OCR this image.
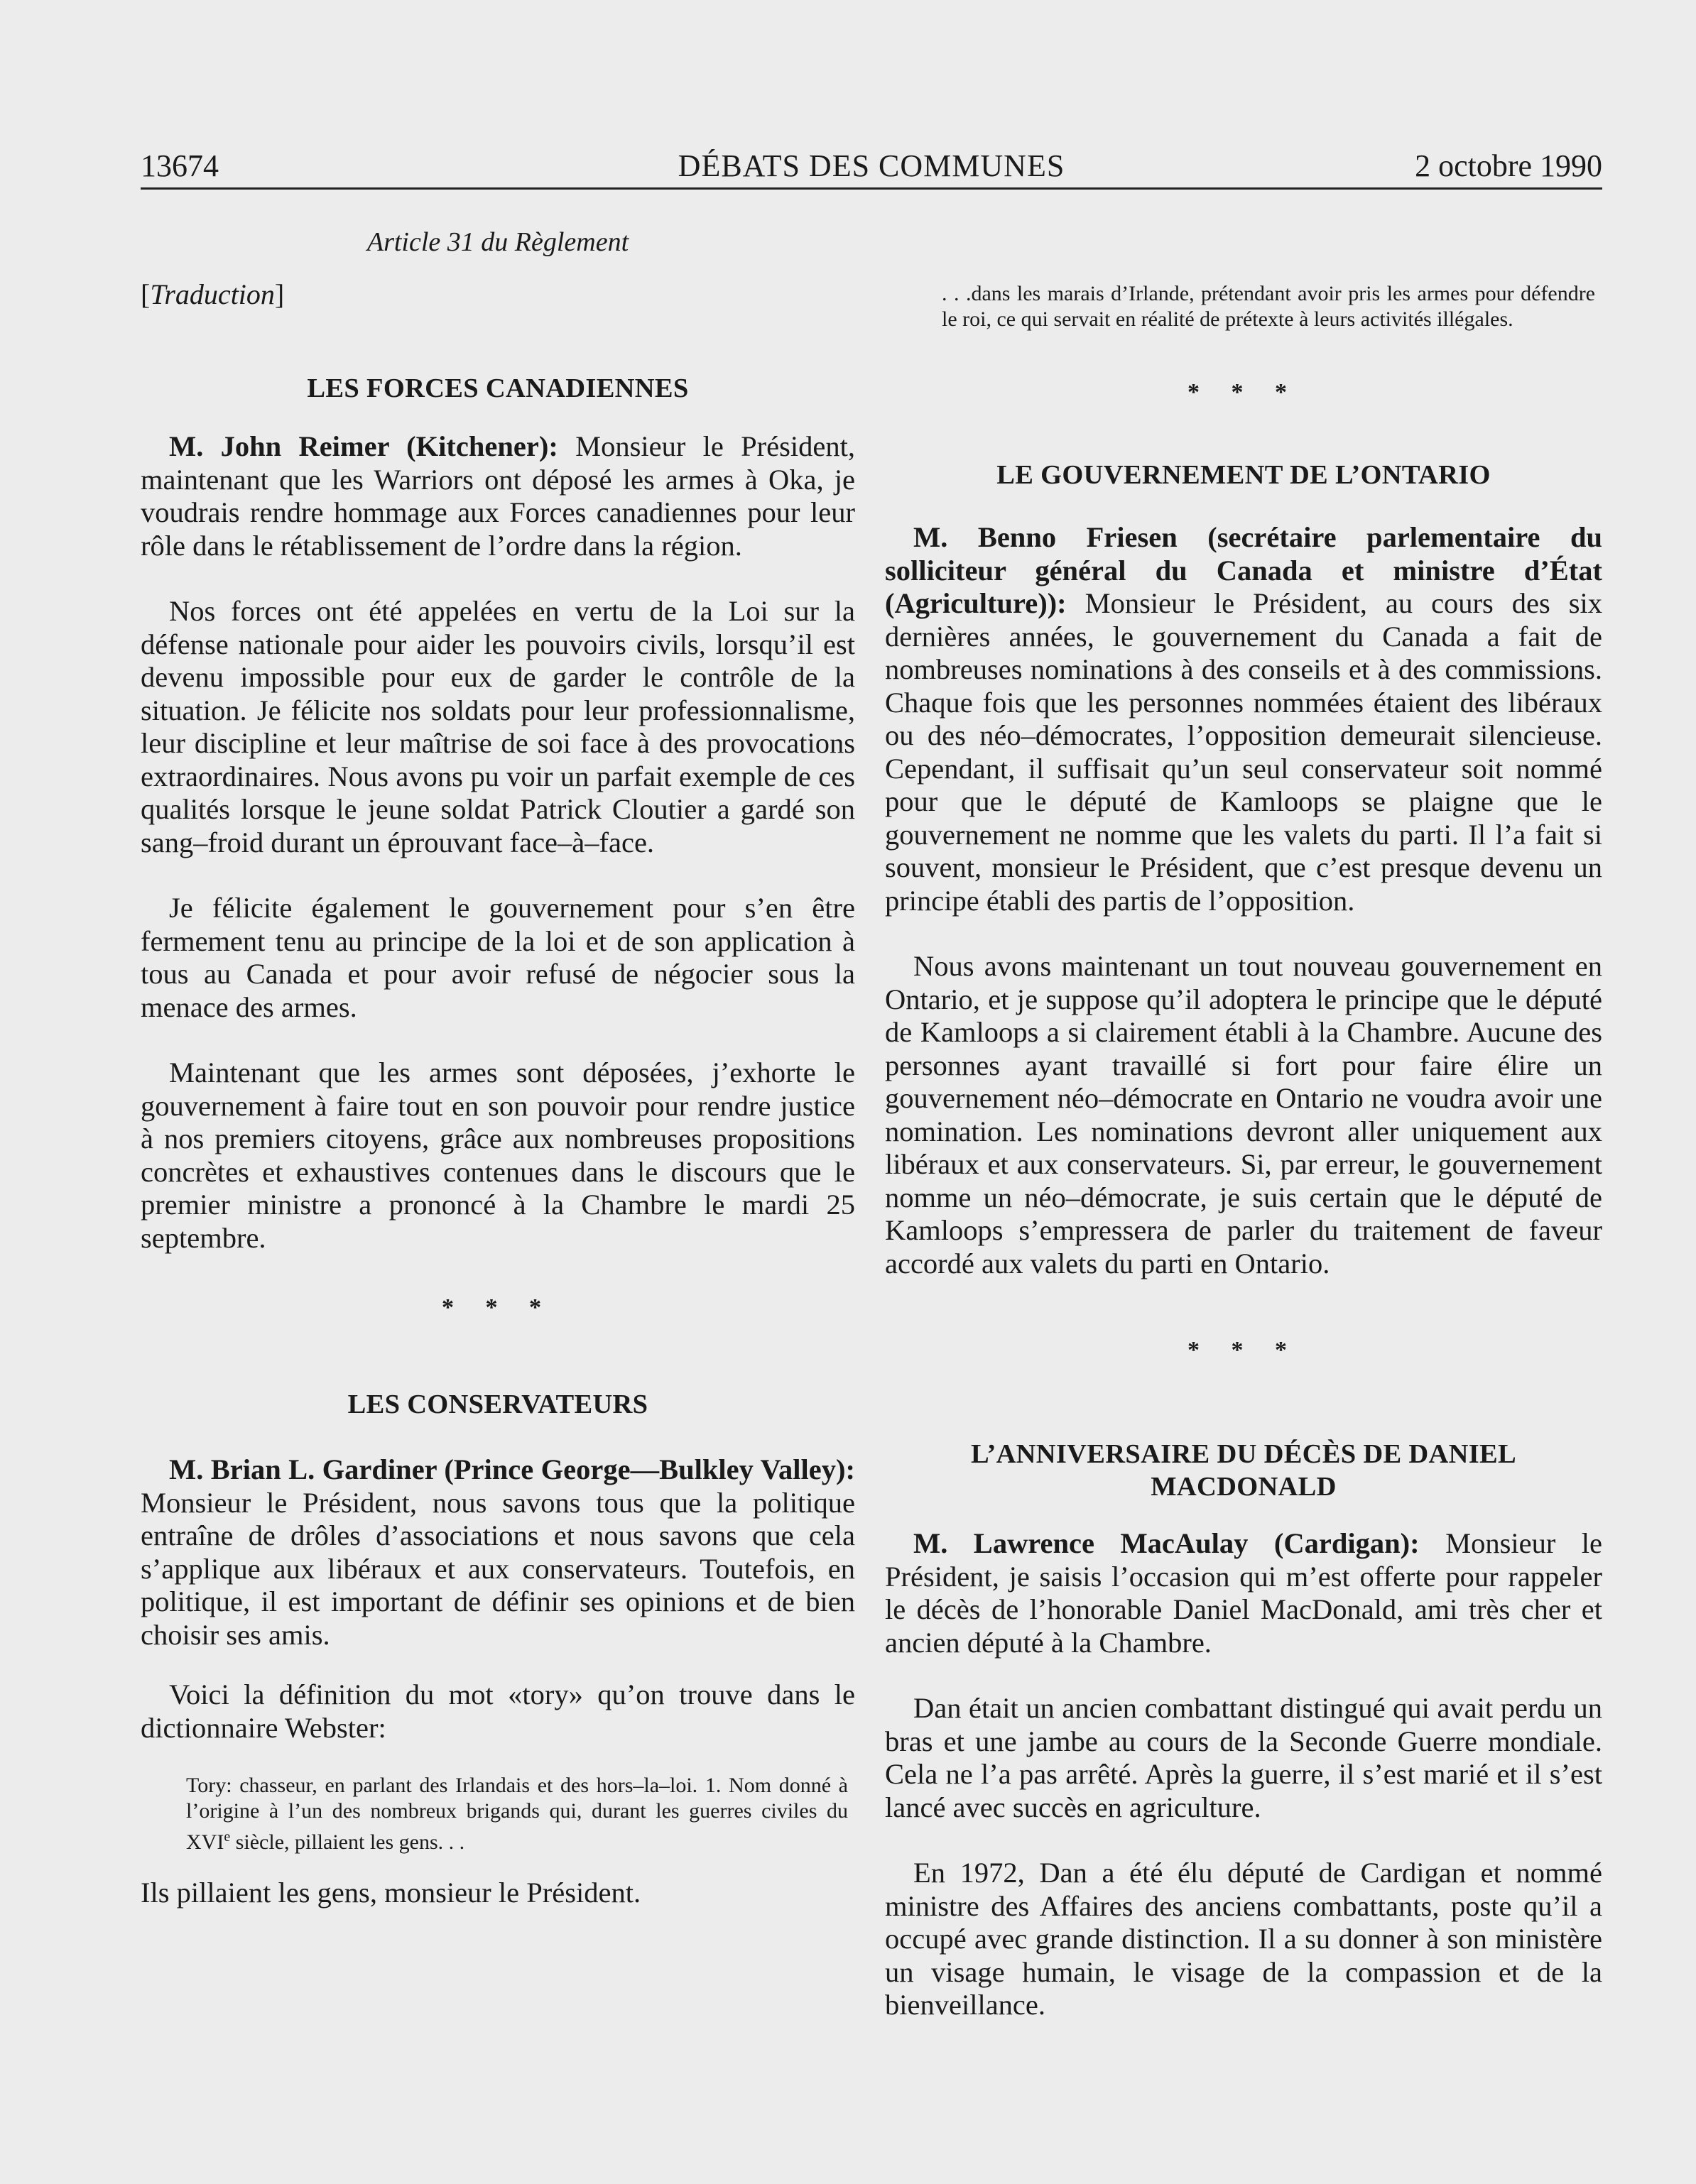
13674	DÉBATS DES COMMUNES	2 octobre 1990

Article 31 du Règlement

[Traduction]

LES FORCES CANADIENNES

M. John Reimer (Kitchener): Monsieur le Président, maintenant que les Warriors ont déposé les armes à Oka, je voudrais rendre hommage aux Forces canadiennes pour leur rôle dans le rétablissement de l’ordre dans la région.

Nos forces ont été appelées en vertu de la Loi sur la défense nationale pour aider les pouvoirs civils, lorsqu’il est devenu impossible pour eux de garder le contrôle de la situation. Je félicite nos soldats pour leur professionnalisme, leur discipline et leur maîtrise de soi face à des provocations extraordinaires. Nous avons pu voir un parfait exemple de ces qualités lorsque le jeune soldat Patrick Cloutier a gardé son sang–froid durant un éprouvant face–à–face.

Je félicite également le gouvernement pour s’en être fermement tenu au principe de la loi et de son application à tous au Canada et pour avoir refusé de négocier sous la menace des armes.

Maintenant que les armes sont déposées, j’exhorte le gouvernement à faire tout en son pouvoir pour rendre justice à nos premiers citoyens, grâce aux nombreuses propositions concrètes et exhaustives contenues dans le discours que le premier ministre a prononcé à la Chambre le mardi 25 septembre.

* * *

LES CONSERVATEURS

M. Brian L. Gardiner (Prince George—Bulkley Valley): Monsieur le Président, nous savons tous que la politique entraîne de drôles d’associations et nous savons que cela s’applique aux libéraux et aux conservateurs. Toutefois, en politique, il est important de définir ses opinions et de bien choisir ses amis.

Voici la définition du mot «tory» qu’on trouve dans le dictionnaire Webster:

Tory: chasseur, en parlant des Irlandais et des hors–la–loi. 1. Nom donné à l’origine à l’un des nombreux brigands qui, durant les guerres civiles du XVIe siècle, pillaient les gens. . .

Ils pillaient les gens, monsieur le Président.

. . .dans les marais d’Irlande, prétendant avoir pris les armes pour défendre le roi, ce qui servait en réalité de prétexte à leurs activités illégales.

* * *

LE GOUVERNEMENT DE L’ONTARIO

M. Benno Friesen (secrétaire parlementaire du solliciteur général du Canada et ministre d’État (Agriculture)): Monsieur le Président, au cours des six dernières années, le gouvernement du Canada a fait de nombreuses nominations à des conseils et à des commissions. Chaque fois que les personnes nommées étaient des libéraux ou des néo–démocrates, l’opposition demeurait silencieuse. Cependant, il suffisait qu’un seul conservateur soit nommé pour que le député de Kamloops se plaigne que le gouvernement ne nomme que les valets du parti. Il l’a fait si souvent, monsieur le Président, que c’est presque devenu un principe établi des partis de l’opposition.

Nous avons maintenant un tout nouveau gouvernement en Ontario, et je suppose qu’il adoptera le principe que le député de Kamloops a si clairement établi à la Chambre. Aucune des personnes ayant travaillé si fort pour faire élire un gouvernement néo–démocrate en Ontario ne voudra avoir une nomination. Les nominations devront aller uniquement aux libéraux et aux conservateurs. Si, par erreur, le gouvernement nomme un néo–démocrate, je suis certain que le député de Kamloops s’empressera de parler du traitement de faveur accordé aux valets du parti en Ontario.

* * *

L’ANNIVERSAIRE DU DÉCÈS DE DANIEL MACDONALD

M. Lawrence MacAulay (Cardigan): Monsieur le Président, je saisis l’occasion qui m’est offerte pour rappeler le décès de l’honorable Daniel MacDonald, ami très cher et ancien député à la Chambre.

Dan était un ancien combattant distingué qui avait perdu un bras et une jambe au cours de la Seconde Guerre mondiale. Cela ne l’a pas arrêté. Après la guerre, il s’est marié et il s’est lancé avec succès en agriculture.

En 1972, Dan a été élu député de Cardigan et nommé ministre des Affaires des anciens combattants, poste qu’il a occupé avec grande distinction. Il a su donner à son ministère un visage humain, le visage de la compassion et de la bienveillance.
